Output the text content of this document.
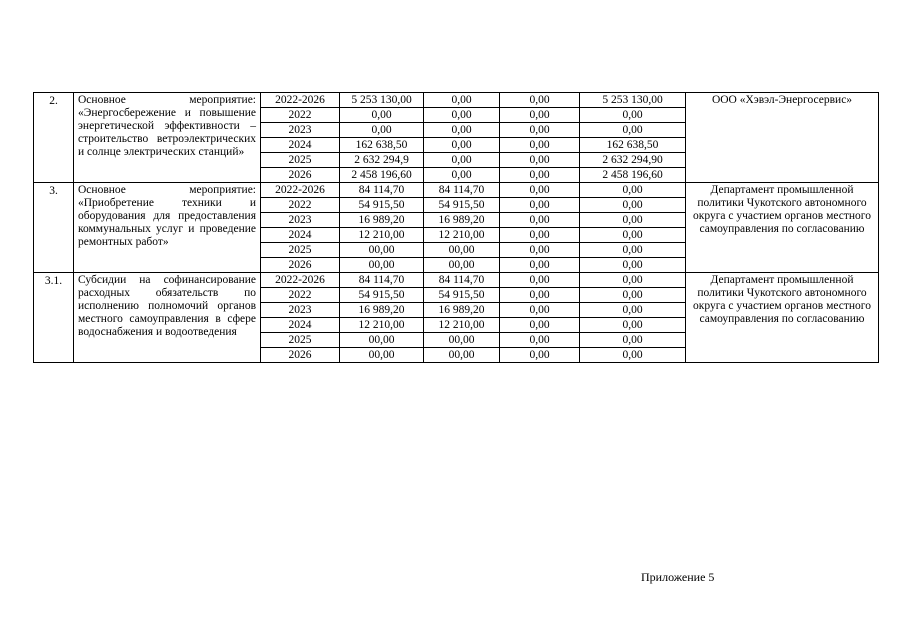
2.	Основное мероприятие: «Энергосбережение и повышение энергетической эффективности – строительство ветроэлектрических и солнце электрических станций»	2022-2026	5 253 130,00	0,00	0,00	5 253 130,00	ООО «Хэвэл-Энергосервис»
		2022	0,00	0,00	0,00	0,00	
		2023	0,00	0,00	0,00	0,00	
		2024	162 638,50	0,00	0,00	162 638,50	
		2025	2 632 294,9	0,00	0,00	2 632 294,90	
		2026	2 458 196,60	0,00	0,00	2 458 196,60	
3.	Основное мероприятие: «Приобретение техники и оборудования для предоставления коммунальных услуг и проведение ремонтных работ»	2022-2026	84 114,70	84 114,70	0,00	0,00	Департамент промышленной политики Чукотского автономного округа с участием органов местного самоуправления по согласованию
		2022	54 915,50	54 915,50	0,00	0,00	
		2023	16 989,20	16 989,20	0,00	0,00	
		2024	12 210,00	12 210,00	0,00	0,00	
		2025	00,00	00,00	0,00	0,00	
		2026	00,00	00,00	0,00	0,00	
3.1.	Субсидии на софинансирование расходных обязательств по исполнению полномочий органов местного самоуправления в сфере водоснабжения и водоотведения	2022-2026	84 114,70	84 114,70	0,00	0,00	Департамент промышленной политики Чукотского автономного округа с участием органов местного самоуправления по согласованию
		2022	54 915,50	54 915,50	0,00	0,00	
		2023	16 989,20	16 989,20	0,00	0,00	
		2024	12 210,00	12 210,00	0,00	0,00	
		2025	00,00	00,00	0,00	0,00	
		2026	00,00	00,00	0,00	0,00	
Приложение 5
